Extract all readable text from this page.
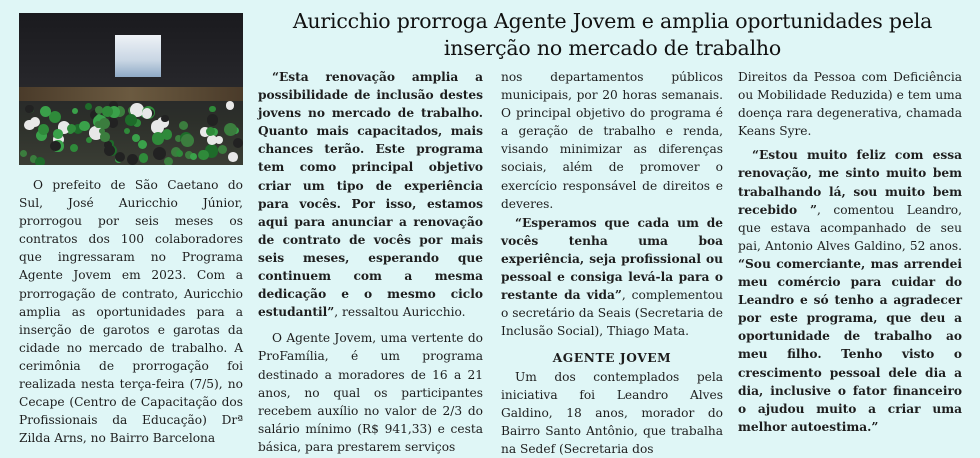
Auricchio prorroga Agente Jovem e amplia oportunidades pela
inserção no mercado de trabalho

O prefeito de São Caetano do Sul, José Auricchio Júnior, prorrogou por seis meses os contratos dos 100 colaboradores que ingressaram no Programa Agente Jovem em 2023. Com a prorrogação de contrato, Auricchio amplia as oportunidades para a inserção de garotos e garotas da cidade no mercado de trabalho. A cerimônia de prorrogação foi realizada nesta terça-feira (7/5), no Cecape (Centro de Capacitação dos Profissionais da Educação) Drª Zilda Arns, no Bairro Barcelona

“Esta renovação amplia a possibilidade de inclusão destes jovens no mercado de trabalho. Quanto mais capacitados, mais chances terão. Este programa tem como principal objetivo criar um tipo de experiência para vocês. Por isso, estamos aqui para anunciar a renovação de contrato de vocês por mais seis meses, esperando que continuem com a mesma dedicação e o mesmo ciclo estudantil”, ressaltou Auricchio.

O Agente Jovem, uma vertente do ProFamília, é um programa destinado a moradores de 16 a 21 anos, no qual os participantes recebem auxílio no valor de 2/3 do salário mínimo (R$ 941,33) e cesta básica, para prestarem serviços

nos departamentos públicos municipais, por 20 horas semanais. O principal objetivo do programa é a geração de trabalho e renda, visando minimizar as diferenças sociais, além de promover o exercício responsável de direitos e deveres.

“Esperamos que cada um de vocês tenha uma boa experiência, seja profissional ou pessoal e consiga levá-la para o restante da vida”, complementou o secretário da Seais (Secretaria de Inclusão Social), Thiago Mata.

AGENTE JOVEM

Um dos contemplados pela iniciativa foi Leandro Alves Galdino, 18 anos, morador do Bairro Santo Antônio, que trabalha na Sedef (Secretaria dos

Direitos da Pessoa com Deficiência ou Mobilidade Reduzida) e tem uma doença rara degenerativa, chamada Keans Syre.

“Estou muito feliz com essa renovação, me sinto muito bem trabalhando lá, sou muito bem recebido ”, comentou Leandro, que estava acompanhado de seu pai, Antonio Alves Galdino, 52 anos. “Sou comerciante, mas arrendei meu comércio para cuidar do Leandro e só tenho a agradecer por este programa, que deu a oportunidade de trabalho ao meu filho. Tenho visto o crescimento pessoal dele dia a dia, inclusive o fator financeiro o ajudou muito a criar uma melhor autoestima.”
